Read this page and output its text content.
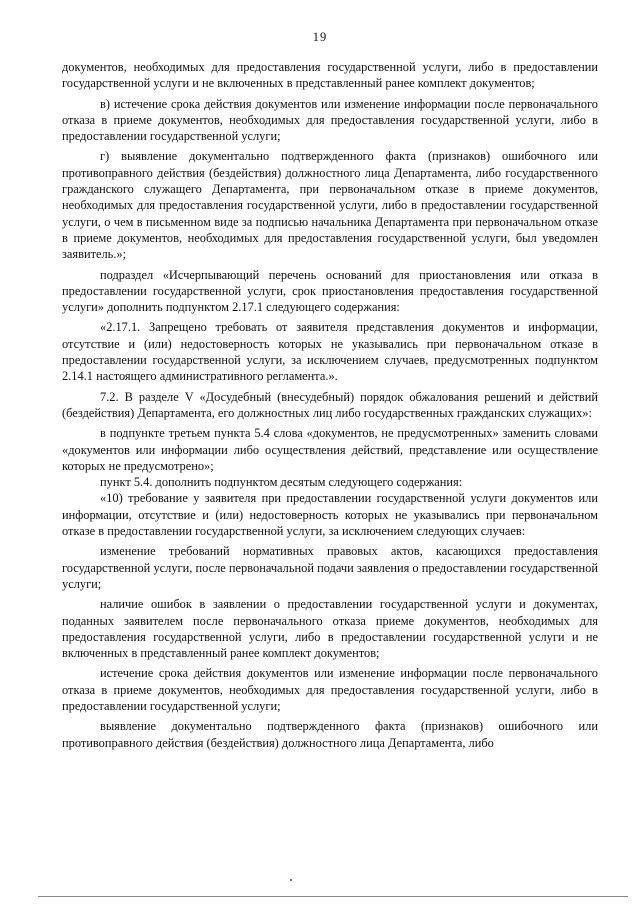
19

документов, необходимых для предоставления государственной услуги, либо в предоставлении государственной услуги и не включенных в представленный ранее комплект документов;

в) истечение срока действия документов или изменение информации после первоначального отказа в приеме документов, необходимых для предоставления государственной услуги, либо в предоставлении государственной услуги;

г) выявление документально подтвержденного факта (признаков) ошибочного или противоправного действия (бездействия) должностного лица Департамента, либо государственного гражданского служащего Департамента, при первоначальном отказе в приеме документов, необходимых для предоставления государственной услуги, либо в предоставлении государственной услуги, о чем в письменном виде за подписью начальника Департамента при первоначальном отказе в приеме документов, необходимых для предоставления государственной услуги, был уведомлен заявитель.»;

подраздел «Исчерпывающий перечень оснований для приостановления или отказа в предоставлении государственной услуги, срок приостановления предоставления государственной услуги» дополнить подпунктом 2.17.1 следующего содержания:

«2.17.1. Запрещено требовать от заявителя представления документов и информации, отсутствие и (или) недостоверность которых не указывались при первоначальном отказе в предоставлении государственной услуги, за исключением случаев, предусмотренных подпунктом 2.14.1 настоящего административного регламента.».

7.2. В разделе V «Досудебный (внесудебный) порядок обжалования решений и действий (бездействия) Департамента, его должностных лиц либо государственных гражданских служащих»:

в подпункте третьем пункта 5.4 слова «документов, не предусмотренных» заменить словами «документов или информации либо осуществления действий, представление или осуществление которых не предусмотрено»;

пункт 5.4. дополнить подпунктом десятым следующего содержания:

«10) требование у заявителя при предоставлении государственной услуги документов или информации, отсутствие и (или) недостоверность которых не указывались при первоначальном отказе в предоставлении государственной услуги, за исключением следующих случаев:

изменение требований нормативных правовых актов, касающихся предоставления государственной услуги, после первоначальной подачи заявления о предоставлении государственной услуги;

наличие ошибок в заявлении о предоставлении государственной услуги и документах, поданных заявителем после первоначального отказа приеме документов, необходимых для предоставления государственной услуги, либо в предоставлении государственной услуги и не включенных в представленный ранее комплект документов;

истечение срока действия документов или изменение информации после первоначального отказа в приеме документов, необходимых для предоставления государственной услуги, либо в предоставлении государственной услуги;

выявление документально подтвержденного факта (признаков) ошибочного или противоправного действия (бездействия) должностного лица Департамента, либо
